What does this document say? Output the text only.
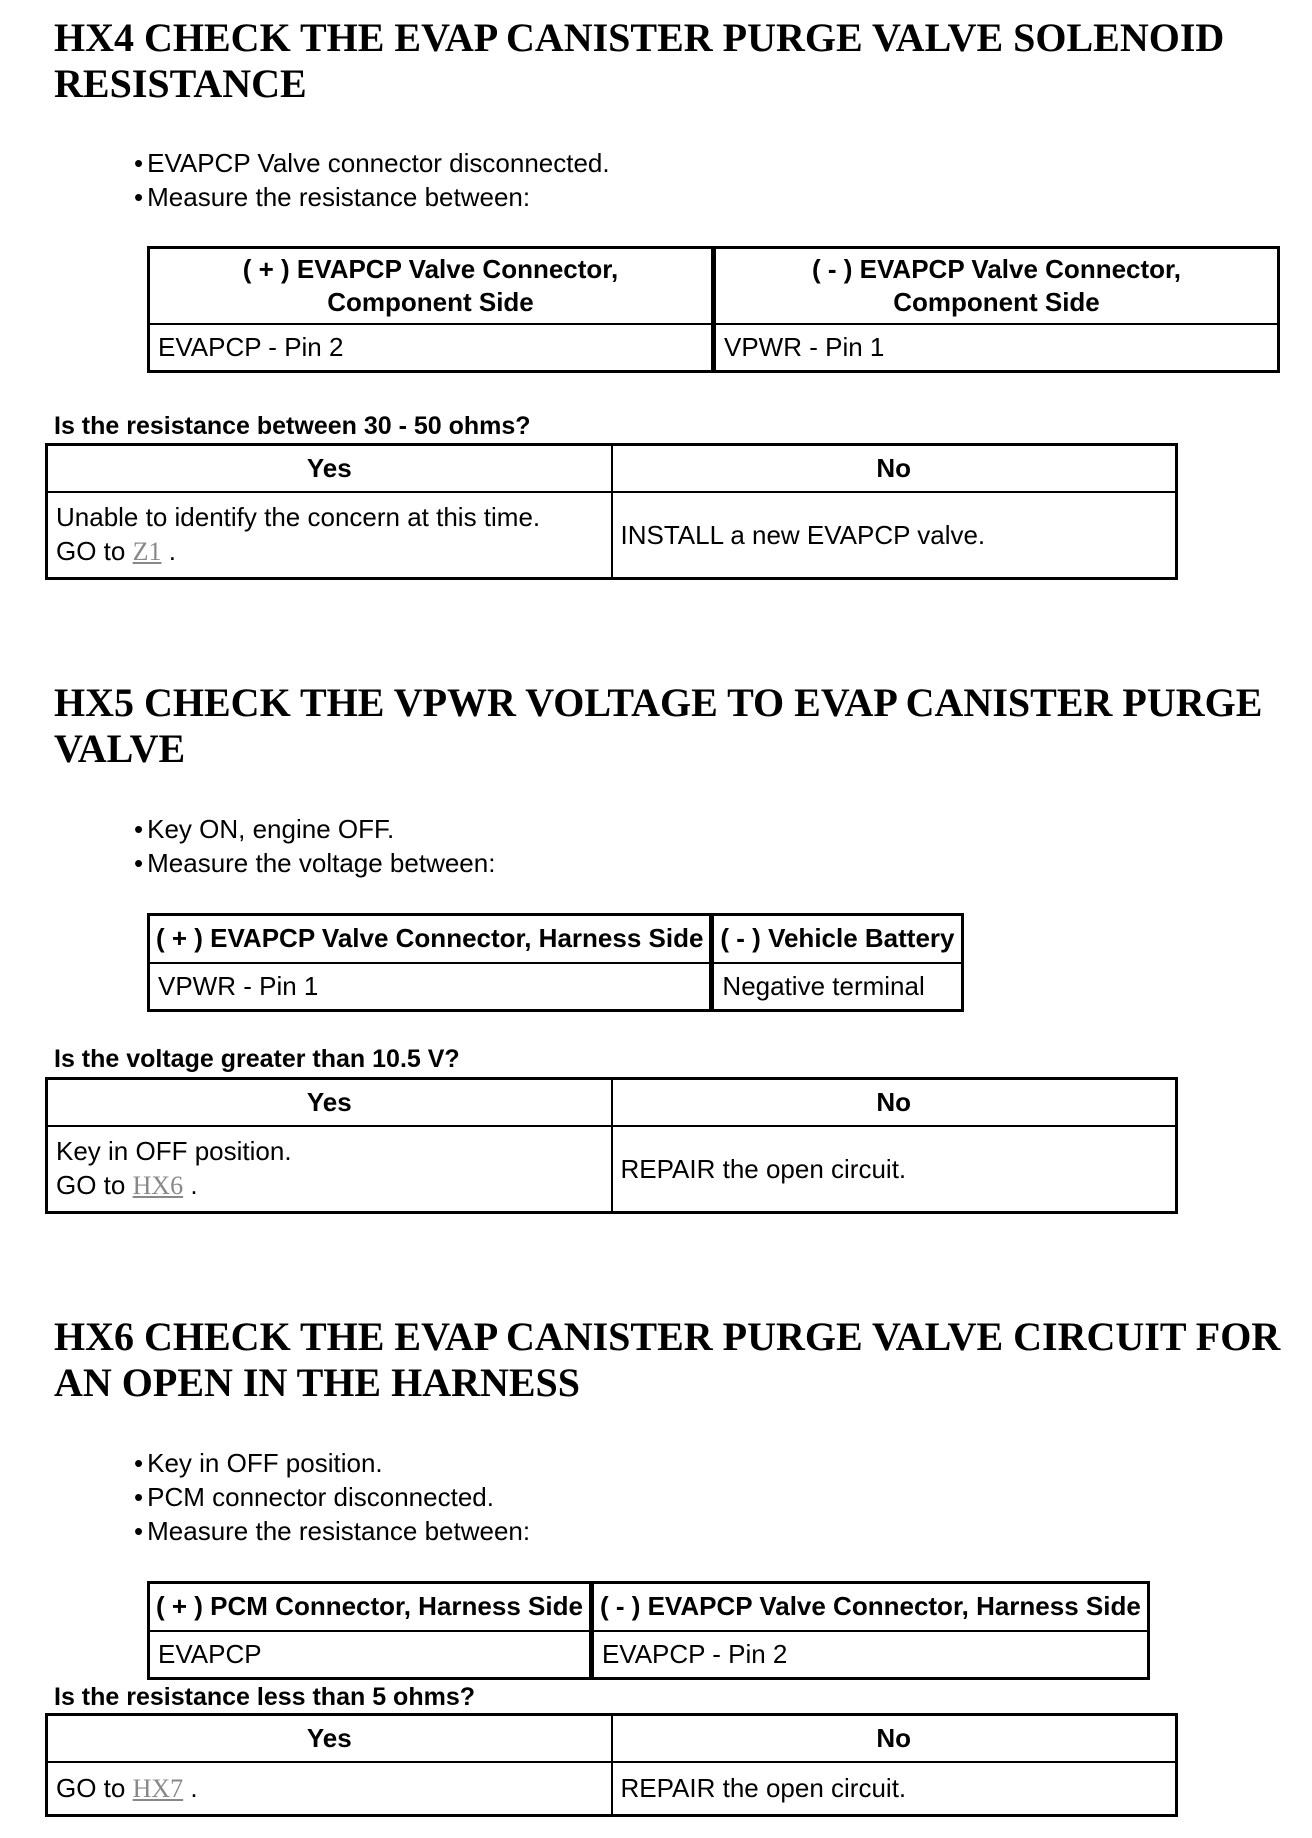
HX4 CHECK THE EVAP CANISTER PURGE VALVE SOLENOID RESISTANCE
• EVAPCP Valve connector disconnected.
• Measure the resistance between:
( + ) EVAPCP Valve Connector,
Component Side	( - ) EVAPCP Valve Connector,
Component Side
EVAPCP - Pin 2	VPWR - Pin 1

Is the resistance between 30 - 50 ohms?

Yes	No
Unable to identify the concern at this time.
GO to Z1 .	INSTALL a new EVAPCP valve.
HX5 CHECK THE VPWR VOLTAGE TO EVAP CANISTER PURGE VALVE
• Key ON, engine OFF.
• Measure the voltage between:
( + ) EVAPCP Valve Connector, Harness Side	( - ) Vehicle Battery
VPWR - Pin 1	Negative terminal

Is the voltage greater than 10.5 V?

Yes	No
Key in OFF position.
GO to HX6 .	REPAIR the open circuit.
HX6 CHECK THE EVAP CANISTER PURGE VALVE CIRCUIT FOR AN OPEN IN THE HARNESS
• Key in OFF position.
• PCM connector disconnected.
• Measure the resistance between:
( + ) PCM Connector, Harness Side	( - ) EVAPCP Valve Connector, Harness Side
EVAPCP	EVAPCP - Pin 2

Is the resistance less than 5 ohms?

Yes	No
GO to HX7 .	REPAIR the open circuit.
